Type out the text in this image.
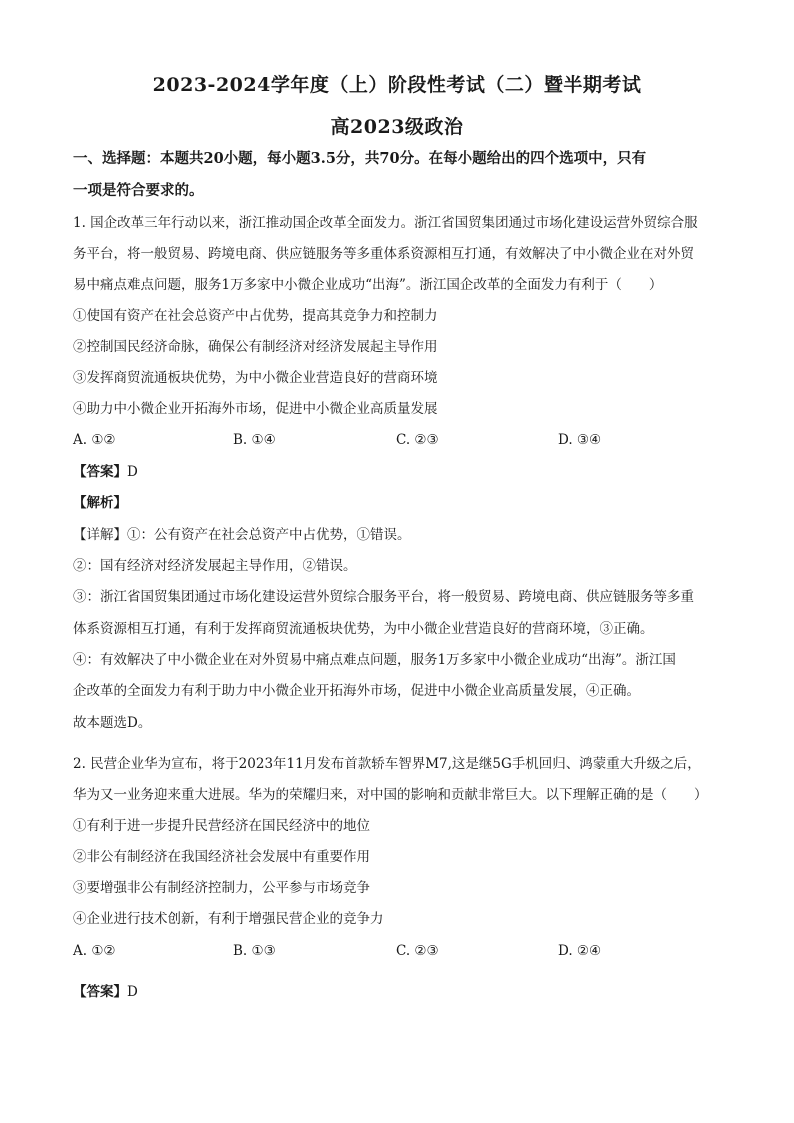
2023-2024学年度（上）阶段性考试（二）暨半期考试
高2023级政治
一、选择题：本题共20小题，每小题3.5分，共70分。在每小题给出的四个选项中，只有
一项是符合要求的。
1. 国企改革三年行动以来，浙江推动国企改革全面发力。浙江省国贸集团通过市场化建设运营外贸综合服
务平台，将一般贸易、跨境电商、供应链服务等多重体系资源相互打通，有效解决了中小微企业在对外贸
易中痛点难点问题，服务1万多家中小微企业成功“出海”。浙江国企改革的全面发力有利于（　　）
①使国有资产在社会总资产中占优势，提高其竞争力和控制力
②控制国民经济命脉，确保公有制经济对经济发展起主导作用
③发挥商贸流通板块优势，为中小微企业营造良好的营商环境
④助力中小微企业开拓海外市场，促进中小微企业高质量发展
A. ①②	B. ①④	C. ②③	D. ③④
【答案】D
【解析】
【详解】①：公有资产在社会总资产中占优势，①错误。
②：国有经济对经济发展起主导作用，②错误。
③：浙江省国贸集团通过市场化建设运营外贸综合服务平台，将一般贸易、跨境电商、供应链服务等多重
体系资源相互打通，有利于发挥商贸流通板块优势，为中小微企业营造良好的营商环境，③正确。
④：有效解决了中小微企业在对外贸易中痛点难点问题，服务1万多家中小微企业成功“出海”。浙江国
企改革的全面发力有利于助力中小微企业开拓海外市场，促进中小微企业高质量发展，④正确。
故本题选D。
2. 民营企业华为宣布，将于2023年11月发布首款轿车智界M7,这是继5G手机回归、鸿蒙重大升级之后，
华为又一业务迎来重大进展。华为的荣耀归来，对中国的影响和贡献非常巨大。以下理解正确的是（　　）
①有利于进一步提升民营经济在国民经济中的地位
②非公有制经济在我国经济社会发展中有重要作用
③要增强非公有制经济控制力，公平参与市场竞争
④企业进行技术创新，有利于增强民营企业的竞争力
A. ①②	B. ①③	C. ②③	D. ②④
【答案】D
